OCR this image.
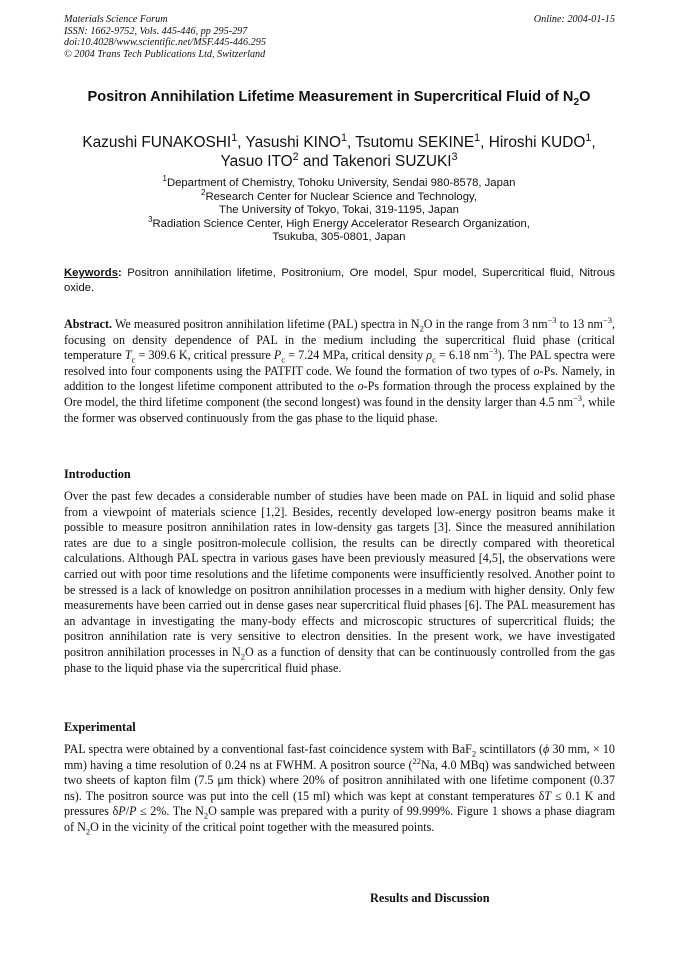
Materials Science Forum
ISSN: 1662-9752, Vols. 445-446, pp 295-297
doi:10.4028/www.scientific.net/MSF.445-446.295
© 2004 Trans Tech Publications Ltd, Switzerland
Online: 2004-01-15
Positron Annihilation Lifetime Measurement in Supercritical Fluid of $N_2O$
Kazushi FUNAKOSHI$^1$, Yasushi KINO$^1$, Tsutomu SEKINE$^1$, Hiroshi KUDO$^1$,
Yasuo ITO$^2$ and Takenori SUZUKI$^3$
$^1$Department of Chemistry, Tohoku University, Sendai 980-8578, Japan
$^2$Research Center for Nuclear Science and Technology,
The University of Tokyo, Tokai, 319-1195, Japan
$^3$Radiation Science Center, High Energy Accelerator Research Organization,
Tsukuba, 305-0801, Japan
Keywords: Positron annihilation lifetime, Positronium, Ore model, Spur model, Supercritical fluid, Nitrous oxide.
Abstract. We measured positron annihilation lifetime (PAL) spectra in $N_2O$ in the range from 3 $nm^{-3}$ to 13 $nm^{-3}$, focusing on density dependence of PAL in the medium including the supercritical fluid phase (critical temperature $T_c = 309.6$ K, critical pressure $P_c = 7.24$ MPa, critical density $\rho_c = 6.18$ $nm^{-3}$). The PAL spectra were resolved into four components using the PATFIT code. We found the formation of two types of o-Ps. Namely, in addition to the longest lifetime component attributed to the o-Ps formation through the process explained by the Ore model, the third lifetime component (the second longest) was found in the density larger than 4.5 $nm^{-3}$, while the former was observed continuously from the gas phase to the liquid phase.
Introduction
Over the past few decades a considerable number of studies have been made on PAL in liquid and solid phase from a viewpoint of materials science [1,2]. Besides, recently developed low-energy positron beams make it possible to measure positron annihilation rates in low-density gas targets [3]. Since the measured annihilation rates are due to a single positron-molecule collision, the results can be directly compared with theoretical calculations. Although PAL spectra in various gases have been previously measured [4,5], the observations were carried out with poor time resolutions and the lifetime components were insufficiently resolved. Another point to be stressed is a lack of knowledge on positron annihilation processes in a medium with higher density. Only few measurements have been carried out in dense gases near supercritical fluid phases [6]. The PAL measurement has an advantage in investigating the many-body effects and microscopic structures of supercritical fluids; the positron annihilation rate is very sensitive to electron densities. In the present work, we have investigated positron annihilation processes in $N_2O$ as a function of density that can be continuously controlled from the gas phase to the liquid phase via the supercritical fluid phase.
Experimental
PAL spectra were obtained by a conventional fast-fast coincidence system with BaF$_2$ scintillators (ϕ 30 mm, × 10 mm) having a time resolution of 0.24 ns at FWHM. A positron source ($^{22}$Na, 4.0 MBq) was sandwiched between two sheets of kapton film (7.5 μm thick) where 20% of positron annihilated with one lifetime component (0.37 ns). The positron source was put into the cell (15 ml) which was kept at constant temperatures δT ≤ 0.1 K and pressures δP/P ≤ 2%. The $N_2O$ sample was prepared with a purity of 99.999%. Figure 1 shows a phase diagram of $N_2O$ in the vicinity of the critical point together with the measured points.
Results and Discussion
